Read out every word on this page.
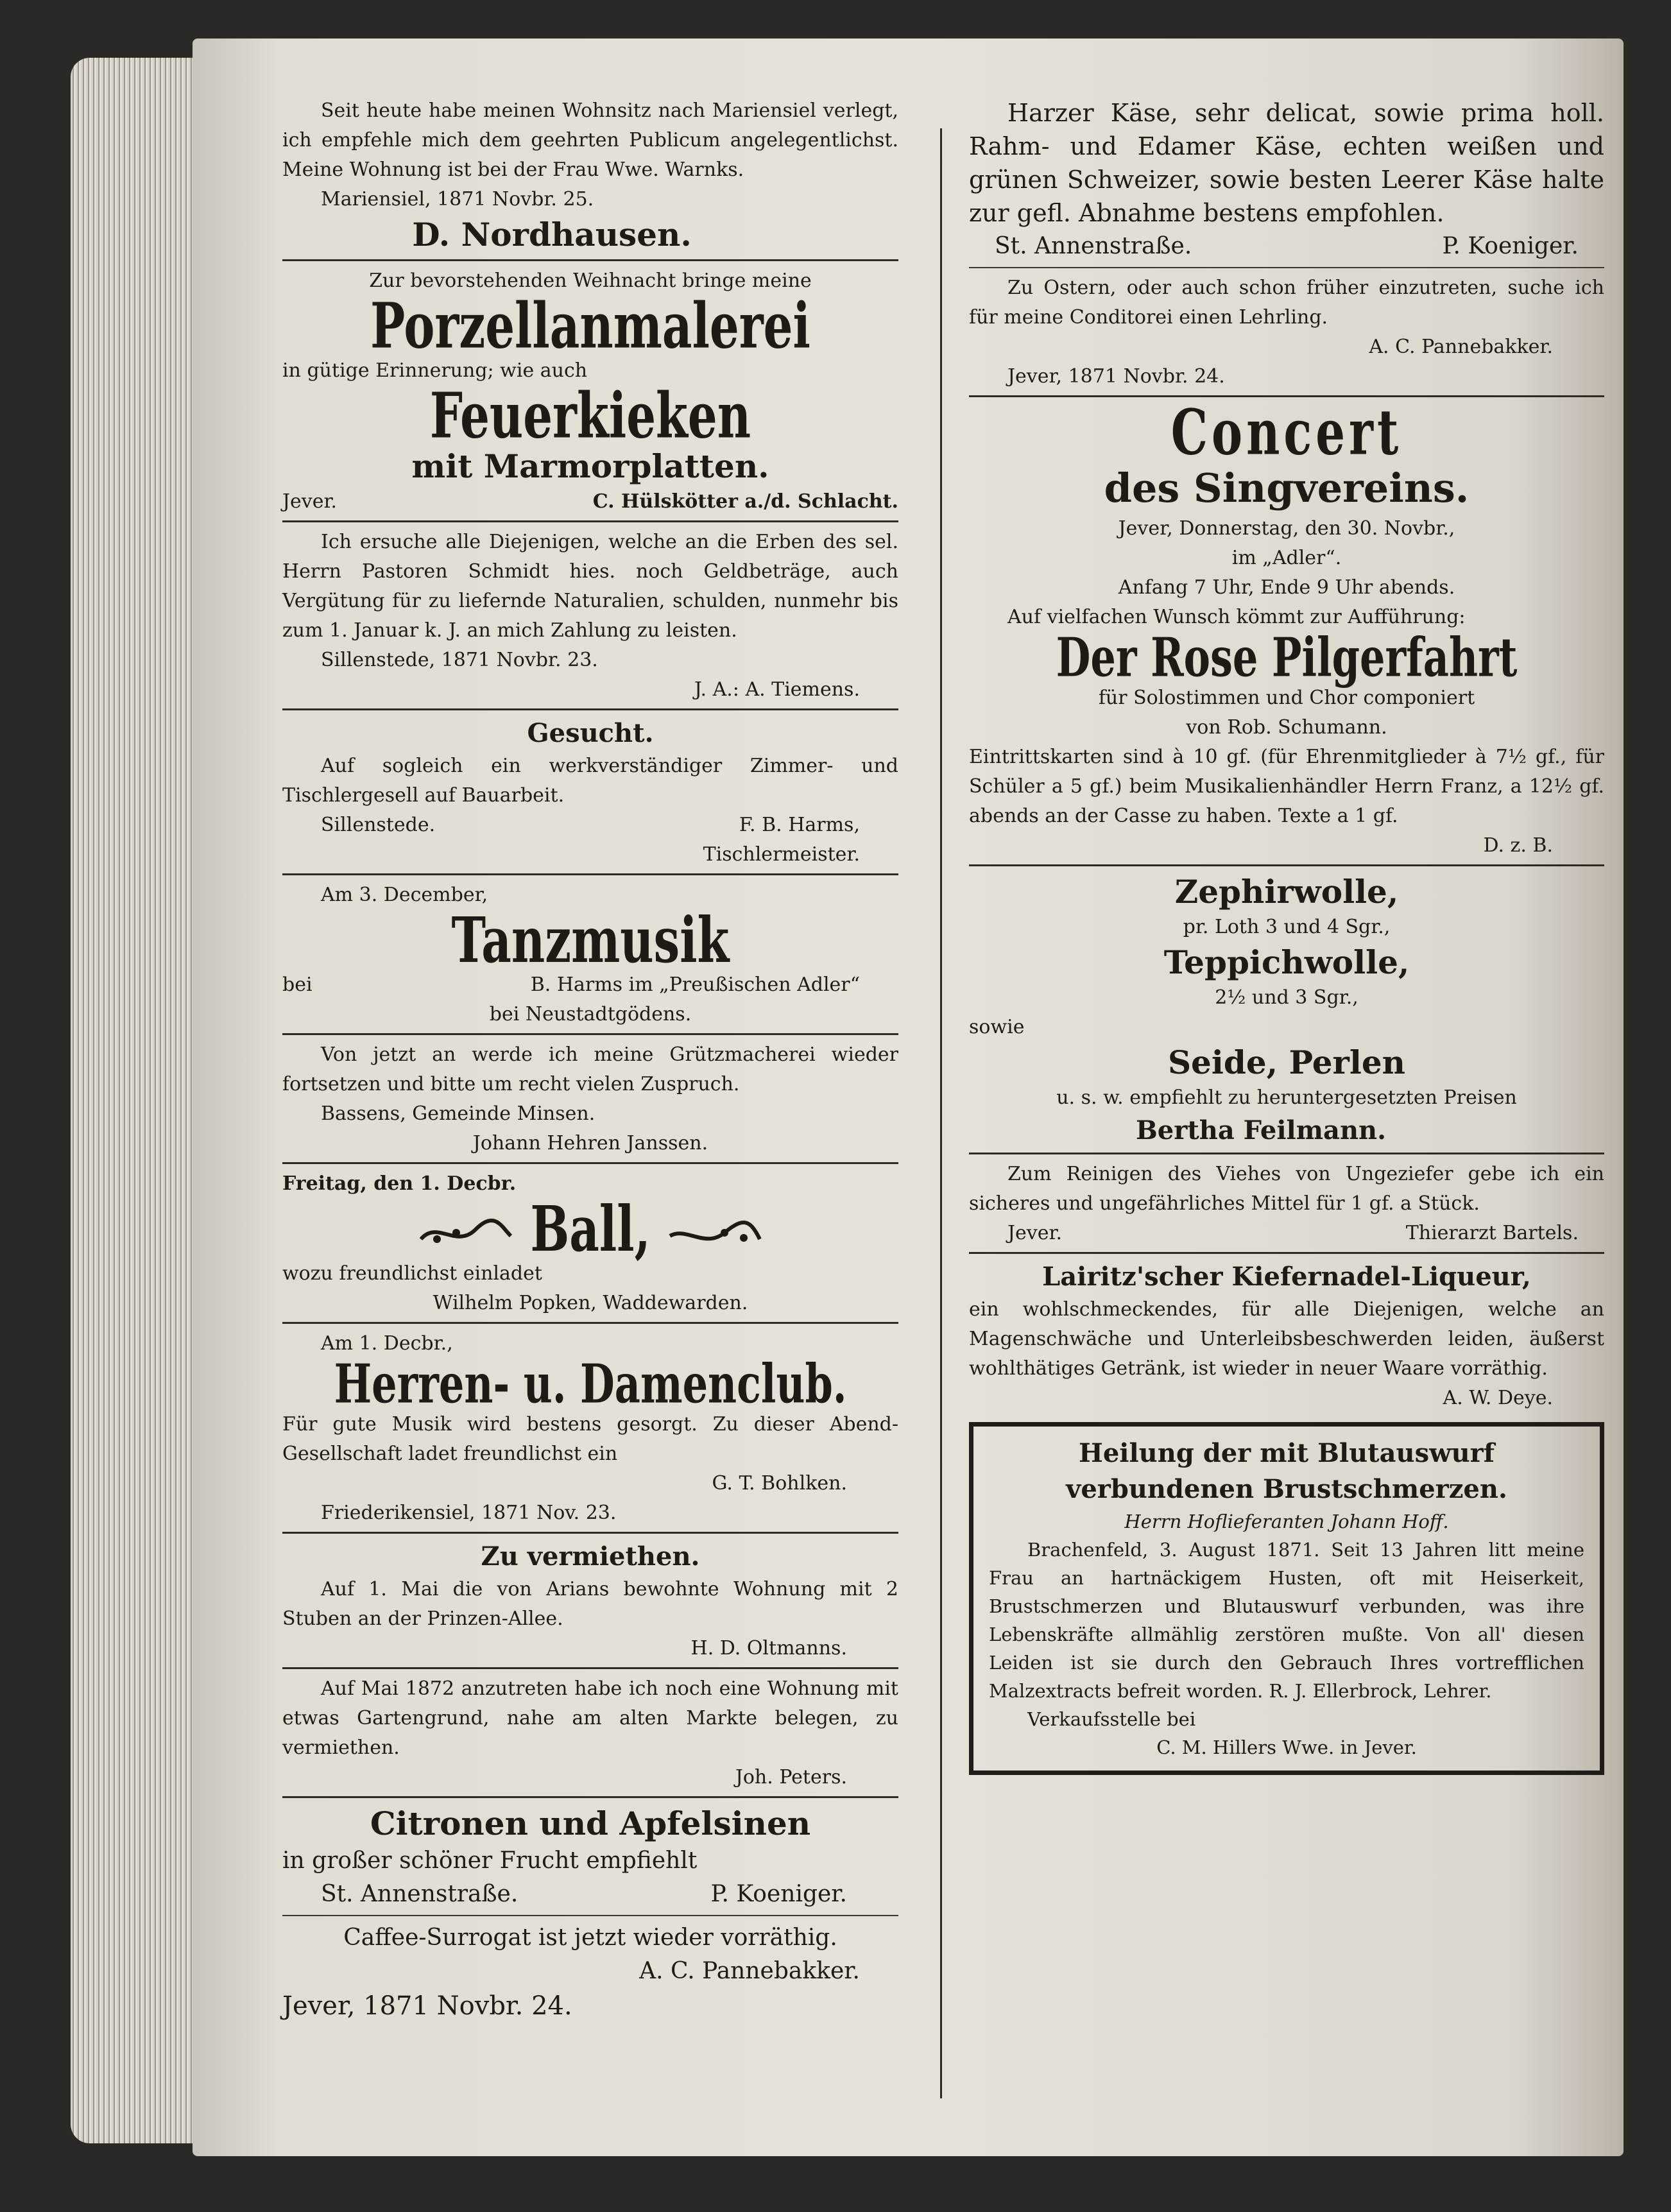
Seit heute habe meinen Wohnsitz nach Mariensiel verlegt, ich empfehle mich dem geehrten Publicum angelegentlichst. Meine Wohnung ist bei der Frau Wwe. Warnks.

Mariensiel, 1871 Novbr. 25.

D. Nordhausen.

Zur bevorstehenden Weihnacht bringe meine

Porzellanmalerei

in gütige Erinnerung; wie auch

Feuerkieken

mit Marmorplatten.

Jever.	C. Hülskötter a./d. Schlacht.

Ich ersuche alle Diejenigen, welche an die Erben des sel. Herrn Pastoren Schmidt hies. noch Geldbeträge, auch Vergütung für zu liefernde Naturalien, schulden, nunmehr bis zum 1. Januar k. J. an mich Zahlung zu leisten.

Sillenstede, 1871 Novbr. 23.

J. A.: A. Tiemens.

Gesucht.

Auf sogleich ein werkverständiger Zimmer- und Tischlergesell auf Bauarbeit.

Sillenstede.	F. B. Harms,

Tischlermeister.

Am 3. December,

Tanzmusik

bei	B. Harms im „Preußischen Adler“

bei Neustadtgödens.

Von jetzt an werde ich meine Grützmacherei wieder fortsetzen und bitte um recht vielen Zuspruch.

Bassens, Gemeinde Minsen.

Johann Hehren Janssen.

Freitag, den 1. Decbr.

Ball,

wozu freundlichst einladet

Wilhelm Popken, Waddewarden.

Am 1. Decbr.,

Herren- u. Damenclub.

Für gute Musik wird bestens gesorgt. Zu dieser Abend-Gesellschaft ladet freundlichst ein

G. T. Bohlken.

Friederikensiel, 1871 Nov. 23.

Zu vermiethen.

Auf 1. Mai die von Arians bewohnte Wohnung mit 2 Stuben an der Prinzen-Allee.

H. D. Oltmanns.

Auf Mai 1872 anzutreten habe ich noch eine Wohnung mit etwas Gartengrund, nahe am alten Markte belegen, zu vermiethen.

Joh. Peters.

Citronen und Apfelsinen

in großer schöner Frucht empfiehlt

St. Annenstraße.	P. Koeniger.

Caffee-Surrogat ist jetzt wieder vorräthig.

A. C. Pannebakker.

Jever, 1871 Novbr. 24.

Harzer Käse, sehr delicat, sowie prima holl. Rahm- und Edamer Käse, echten weißen und grünen Schweizer, sowie besten Leerer Käse halte zur gefl. Abnahme bestens empfohlen.

St. Annenstraße.	P. Koeniger.

Zu Ostern, oder auch schon früher einzutreten, suche ich für meine Conditorei einen Lehrling.

A. C. Pannebakker.

Jever, 1871 Novbr. 24.

Concert

des Singvereins.

Jever, Donnerstag, den 30. Novbr.,

im „Adler“.

Anfang 7 Uhr, Ende 9 Uhr abends.

Auf vielfachen Wunsch kömmt zur Aufführung:

Der Rose Pilgerfahrt

für Solostimmen und Chor componiert

von Rob. Schumann.

Eintrittskarten sind à 10 gf. (für Ehrenmitglieder à 7½ gf., für Schüler a 5 gf.) beim Musikalienhändler Herrn Franz, a 12½ gf. abends an der Casse zu haben. Texte a 1 gf.

D. z. B.

Zephirwolle,

pr. Loth 3 und 4 Sgr.,

Teppichwolle,

2½ und 3 Sgr.,

sowie

Seide, Perlen

u. s. w. empfiehlt zu heruntergesetzten Preisen

Bertha Feilmann.

Zum Reinigen des Viehes von Ungeziefer gebe ich ein sicheres und ungefährliches Mittel für 1 gf. a Stück.

Jever.	Thierarzt Bartels.

Lairitz'scher Kiefernadel-Liqueur,

ein wohlschmeckendes, für alle Diejenigen, welche an Magenschwäche und Unterleibsbeschwerden leiden, äußerst wohlthätiges Getränk, ist wieder in neuer Waare vorräthig.

A. W. Deye.

Heilung der mit Blutauswurf

verbundenen Brustschmerzen.

Herrn Hoflieferanten Johann Hoff.

Brachenfeld, 3. August 1871. Seit 13 Jahren litt meine Frau an hartnäckigem Husten, oft mit Heiserkeit, Brustschmerzen und Blutauswurf verbunden, was ihre Lebenskräfte allmählig zerstören mußte. Von all' diesen Leiden ist sie durch den Gebrauch Ihres vortrefflichen Malzextracts befreit worden. R. J. Ellerbrock, Lehrer.

Verkaufsstelle bei

C. M. Hillers Wwe. in Jever.
